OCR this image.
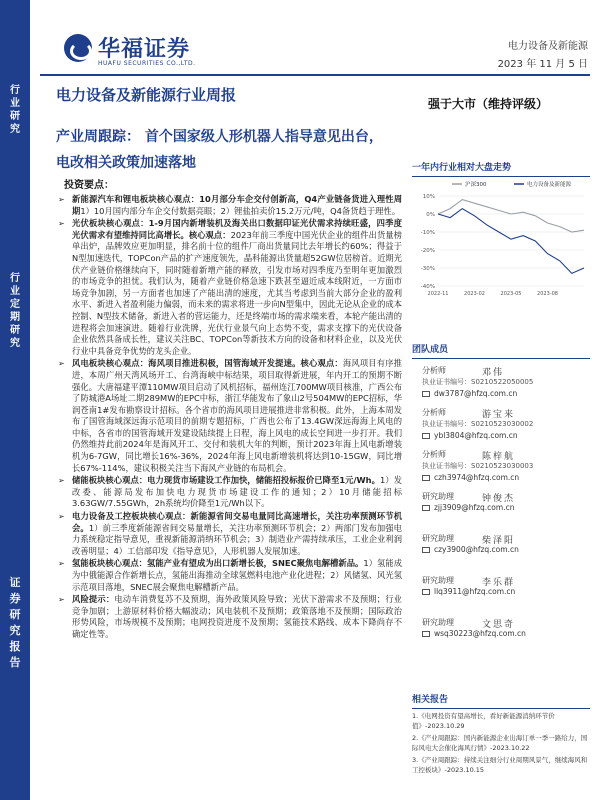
行业研究
行业定期研究
证券研究报告
华福证券
HUAFU SECURITIES CO.,LTD.
电力设备及新能源
2023 年 11 月 5 日
电力设备及新能源行业周报	强于大市（维持评级）
产业周跟踪： 首个国家级人形机器人指导意见出台，电改相关政策加速落地
投资要点：
➢ 新能源汽车和锂电板块核心观点：10月部分车企交付创新高，Q4产业链备货进入理性周期1）10月国内部分车企交付数据亮眼；2）锂盐拍卖价15.2万元/吨，Q4备货趋于理性。
➢ 光伏板块核心观点：1-9月国内新增装机及海关出口数据印证光伏需求持续旺盛，四季度光伏需求有望维持同比高增长。核心观点：2023年前三季度中国光伏企业的组件出货量榜单出炉，品牌效应更加明显，排名前十位的组件厂商出货量同比去年增长约60%；得益于N型加速迭代，TOPCon产品的扩产速度领先，晶科能源出货量超52GW位居榜首。近期光伏产业链价格继续向下，同时随着新增产能的释放，引发市场对四季度乃至明年更加激烈的市场竞争的担忧。我们认为，随着产业链价格急速下跌甚至逼近成本线附近，一方面市场竞争加剧，另一方面者也加速了产能出清的速度，尤其当考虑到当前大部分企业的盈利水平、新进入者盈利能力偏弱，而未来的需求将进一步向N型集中，因此无论从企业的成本控制、N型技术储备，新进入者的营运能力，还是终端市场的需求端来看，本轮产能出清的进程将会加速演进。随着行业洗牌，光伏行业景气向上态势不变，需求支撑下的光伏设备企业依然具备成长性，建议关注BC、TOPCon等新技术方向的设备和材料企业，以及光伏行业中具备竞争优势的龙头企业。
➢ 风电板块核心观点：海风项目推进积极，国管海域开发提速。核心观点：海风项目有序推进，本周广州天湾风场开工、台湾海峡中标结果，项目取得新进展，年内开工的预期不断强化。大唐福建平潭110MW项目启动了风机招标，福州连江700MW项目核准，广西公布了防城港A场址二期289MW的EPC中标，浙江华能发布了象山2号504MW的EPC招标，华润苍南1#发布勘察设计招标。各个省市的海风项目进展推进非常积极。此外，上海本周发布了国管海域深远海示范项目的前期专题招标，广西也公布了13.4GW深远海海上风电的中标，各省市的国管海域开发建设陆续提上日程，海上风电的成长空间进一步打开。我们仍然维持此前2024年是海风开工、交付和装机大年的判断，预计2023年海上风电新增装机为6-7GW，同比增长16%-36%，2024年海上风电新增装机将达到10-15GW，同比增长67%-114%，建议积极关注当下海风产业链的布局机会。
➢ 储能板块核心观点：电力现货市场建设工作加快，储能招投标报价已降至1元/Wh。1）发改委、能源局发布加快电力现货市场建设工作的通知；2）10月储能招标3.63GW/7.55GWh，2h系统均价降至1元/Wh以下。
➢ 电力设备及工控板块核心观点：新能源省间交易电量同比高速增长，关注功率预测环节机会。1）前三季度新能源省间交易量增长，关注功率预测环节机会；2）两部门发布加强电力系统稳定指导意见，重视新能源消纳环节机会；3）制造业产需持续承压，工业企业利润改善明显；4）工信部印发《指导意见》，人形机器人发展加速。
➢ 氢能板块核心观点：氢能产业有望成为出口新增长极，SNEC聚焦电解槽新品。1）氢能成为中俄能源合作新增长点，氢能出海推动全球氢燃料电池产业化进程；2）风储氢、风光氢示范项目落地，SNEC展会聚焦电解槽新产品。
➢ 风险提示：电动车消费复苏不及预期，海外政策风险导致；光伏下游需求不及预期；行业竞争加剧；上游原材料价格大幅波动；风电装机不及预期；政策落地不及预期；国际政治形势风险，市场规模不及预期；电网投资进度不及预期；氢能技术路线、成本下降尚存不确定性等。
一年内行业相对大盘走势
10%
0%
-10%
-20%
-30%
-40%
2022-11	2023-02	2023-05	2023-08
沪深300	电力设备及新能源
团队成员
分析师	邓伟
执业证书编号：S0210522050005
dw3787@hfzq.com.cn
分析师	游宝来
执业证书编号：S0210523030002
ybl3804@hfzq.com.cn
分析师	陈梓航
执业证书编号：S0210523030003
czh3974@hfzq.com.cn
研究助理	钟俊杰
zjj3909@hfzq.com.cn
研究助理	柴泽阳
czy3900@hfzq.com.cn
研究助理	李乐群
llq3911@hfzq.com.cn
研究助理	文思奇
wsq30223@hfzq.com.cn
相关报告
1.《电网投资有望高增长，看好新能源消纳环节价值》-2023.10.29
2.《产业周跟踪：国内新能源企业出海订单一季一路给力，国际风电大会催化海风行情》-2023.10.22
3.《产业周跟踪：持续关注细分行业周期风景气，继续海风和工控板块》-2023.10.15
